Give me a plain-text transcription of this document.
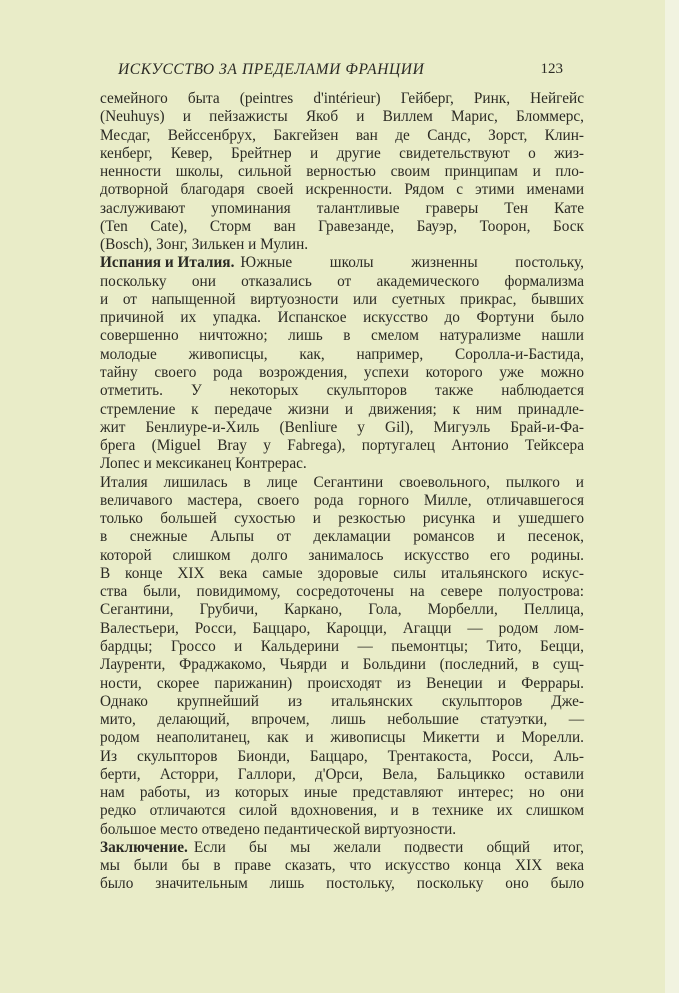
ИСКУССТВО ЗА ПРЕДЕЛАМИ ФРАНЦИИ	123
семейного быта (peintres d'intérieur) Гейберг, Ринк, Нейгейс
(Neuhuys) и пейзажисты Якоб и Виллем Марис, Бломмерс,
Месдаг, Вейссенбрух, Бакгейзен ван де Сандс, Зорст, Клин-
кенберг, Кевер, Брейтнер и другие свидетельствуют о жиз-
ненности школы, сильной верностью своим принципам и пло-
дотворной благодаря своей искренности. Рядом с этими именами
заслуживают упоминания талантливые граверы Тен Кате
(Ten Cate), Сторм ван Гравезанде, Бауэр, Тоорон, Боск
(Bosch), Зонг, Зилькен и Мулин.
Испания и Италия. Южные школы жизненны постольку,
поскольку они отказались от академического формализма
и от напыщенной виртуозности или суетных прикрас, бывших
причиной их упадка. Испанское искусство до Фортуни было
совершенно ничтожно; лишь в смелом натурализме нашли
молодые живописцы, как, например, Соролла-и-Бастида,
тайну своего рода возрождения, успехи которого уже можно
отметить. У некоторых скульпторов также наблюдается
стремление к передаче жизни и движения; к ним принадле-
жит Бенлиуре-и-Хиль (Benliure y Gil), Мигуэль Брай-и-Фа-
брега (Miguel Bray y Fabrega), португалец Антонио Тейксера
Лопес и мексиканец Контрерас.
Италия лишилась в лице Сегантини своевольного, пылкого и
величавого мастера, своего рода горного Милле, отличавшегося
только большей сухостью и резкостью рисунка и ушедшего
в снежные Альпы от декламации романсов и песенок,
которой слишком долго занималось искусство его родины.
В конце XIX века самые здоровые силы итальянского искус-
ства были, повидимому, сосредоточены на севере полуострова:
Сегантини, Грубичи, Каркано, Гола, Морбелли, Пеллица,
Валестьери, Росси, Баццаро, Кароцци, Агацци — родом лом-
бардцы; Гроссо и Кальдерини — пьемонтцы; Тито, Бецци,
Лауренти, Фраджакомо, Чьярди и Больдини (последний, в сущ-
ности, скорее парижанин) происходят из Венеции и Феррары.
Однако крупнейший из итальянских скульпторов Дже-
мито, делающий, впрочем, лишь небольшие статуэтки, —
родом неаполитанец, как и живописцы Микетти и Морелли.
Из скульпторов Бионди, Баццаро, Трентакоста, Росси, Аль-
берти, Асторри, Галлори, д'Орси, Вела, Бальцикко оставили
нам работы, из которых иные представляют интерес; но они
редко отличаются силой вдохновения, и в технике их слишком
большое место отведено педантической виртуозности.
Заключение. Если бы мы желали подвести общий итог,
мы были бы в праве сказать, что искусство конца XIX века
было значительным лишь постольку, поскольку оно было
